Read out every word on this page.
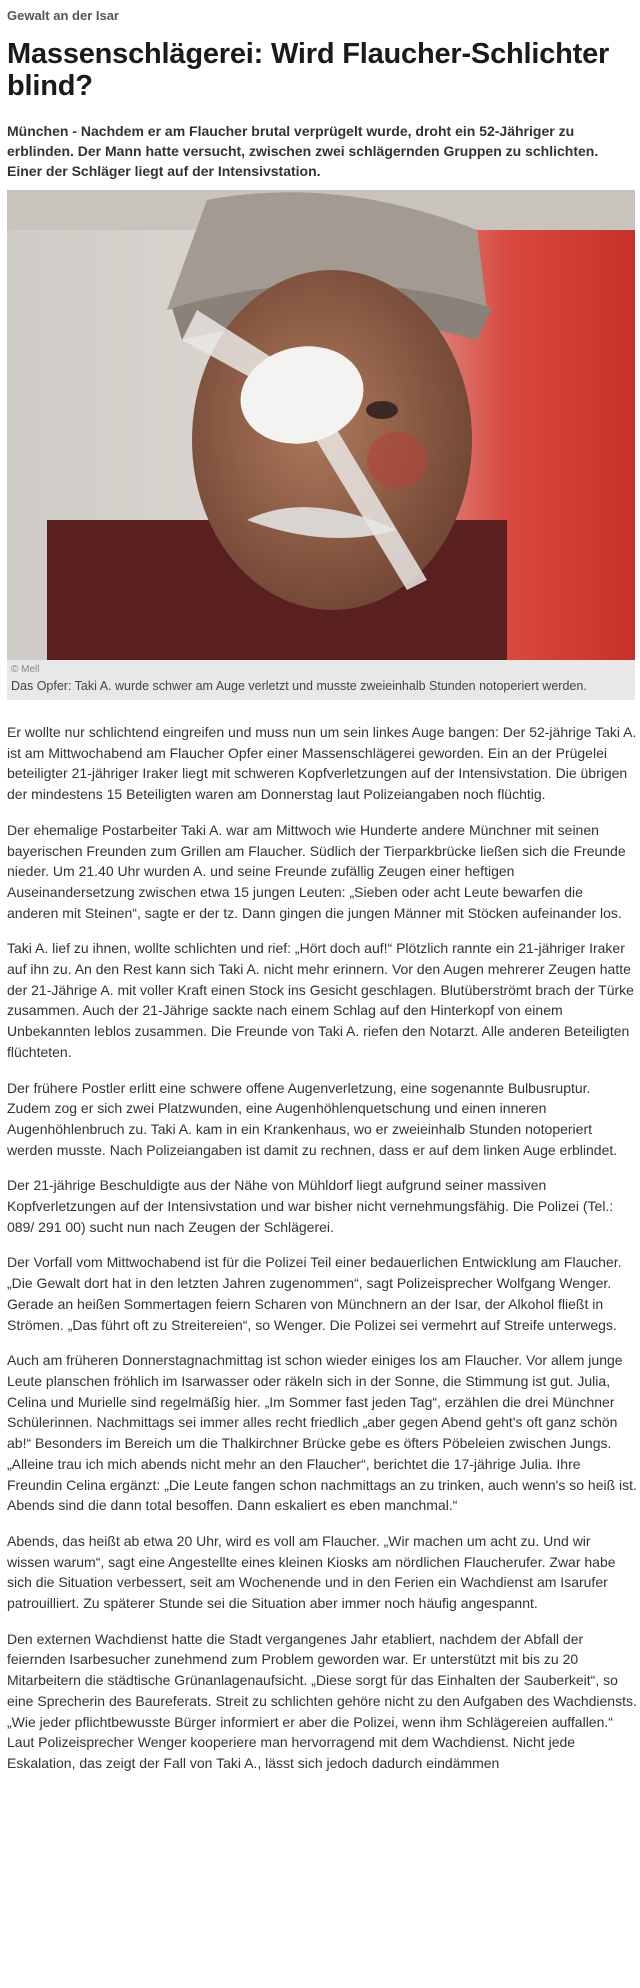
Gewalt an der Isar
Massenschlägerei: Wird Flaucher-Schlichter blind?
München - Nachdem er am Flaucher brutal verprügelt wurde, droht ein 52-Jähriger zu erblinden. Der Mann hatte versucht, zwischen zwei schlägernden Gruppen zu schlichten. Einer der Schläger liegt auf der Intensivstation.
© Mell
Das Opfer: Taki A. wurde schwer am Auge verletzt und musste zweieinhalb Stunden notoperiert werden.

Er wollte nur schlichtend eingreifen und muss nun um sein linkes Auge bangen: Der 52-jährige Taki A. ist am Mittwochabend am Flaucher Opfer einer Massenschlägerei geworden. Ein an der Prügelei beteiligter 21-jähriger Iraker liegt mit schweren Kopfverletzungen auf der Intensivstation. Die übrigen der mindestens 15 Beteiligten waren am Donnerstag laut Polizeiangaben noch flüchtig.

Der ehemalige Postarbeiter Taki A. war am Mittwoch wie Hunderte andere Münchner mit seinen bayerischen Freunden zum Grillen am Flaucher. Südlich der Tierparkbrücke ließen sich die Freunde nieder. Um 21.40 Uhr wurden A. und seine Freunde zufällig Zeugen einer heftigen Auseinandersetzung zwischen etwa 15 jungen Leuten: „Sieben oder acht Leute bewarfen die anderen mit Steinen“, sagte er der tz. Dann gingen die jungen Männer mit Stöcken aufeinander los.

Taki A. lief zu ihnen, wollte schlichten und rief: „Hört doch auf!“ Plötzlich rannte ein 21-jähriger Iraker auf ihn zu. An den Rest kann sich Taki A. nicht mehr erinnern. Vor den Augen mehrerer Zeugen hatte der 21-Jährige A. mit voller Kraft einen Stock ins Gesicht geschlagen. Blutüberströmt brach der Türke zusammen. Auch der 21-Jährige sackte nach einem Schlag auf den Hinterkopf von einem Unbekannten leblos zusammen. Die Freunde von Taki A. riefen den Notarzt. Alle anderen Beteiligten flüchteten.

Der frühere Postler erlitt eine schwere offene Augenverletzung, eine sogenannte Bulbusruptur. Zudem zog er sich zwei Platzwunden, eine Augenhöhlenquetschung und einen inneren Augenhöhlenbruch zu. Taki A. kam in ein Krankenhaus, wo er zweieinhalb Stunden notoperiert werden musste. Nach Polizeiangaben ist damit zu rechnen, dass er auf dem linken Auge erblindet.

Der 21-jährige Beschuldigte aus der Nähe von Mühldorf liegt aufgrund seiner massiven Kopfverletzungen auf der Intensivstation und war bisher nicht vernehmungsfähig. Die Polizei (Tel.: 089/ 291 00) sucht nun nach Zeugen der Schlägerei.

Der Vorfall vom Mittwochabend ist für die Polizei Teil einer bedauerlichen Entwicklung am Flaucher. „Die Gewalt dort hat in den letzten Jahren zugenommen“, sagt Polizeisprecher Wolfgang Wenger. Gerade an heißen Sommertagen feiern Scharen von Münchnern an der Isar, der Alkohol fließt in Strömen. „Das führt oft zu Streitereien“, so Wenger. Die Polizei sei vermehrt auf Streife unterwegs.

Auch am früheren Donnerstagnachmittag ist schon wieder einiges los am Flaucher. Vor allem junge Leute planschen fröhlich im Isarwasser oder räkeln sich in der Sonne, die Stimmung ist gut. Julia, Celina und Murielle sind regelmäßig hier. „Im Sommer fast jeden Tag“, erzählen die drei Münchner Schülerinnen. Nachmittags sei immer alles recht friedlich „aber gegen Abend geht's oft ganz schön ab!“ Besonders im Bereich um die Thalkirchner Brücke gebe es öfters Pöbeleien zwischen Jungs. „Alleine trau ich mich abends nicht mehr an den Flaucher“, berichtet die 17-jährige Julia. Ihre Freundin Celina ergänzt: „Die Leute fangen schon nachmittags an zu trinken, auch wenn's so heiß ist. Abends sind die dann total besoffen. Dann eskaliert es eben manchmal.“

Abends, das heißt ab etwa 20 Uhr, wird es voll am Flaucher. „Wir machen um acht zu. Und wir wissen warum“, sagt eine Angestellte eines kleinen Kiosks am nördlichen Flaucherufer. Zwar habe sich die Situation verbessert, seit am Wochenende und in den Ferien ein Wachdienst am Isarufer patrouilliert. Zu späterer Stunde sei die Situation aber immer noch häufig angespannt.

Den externen Wachdienst hatte die Stadt vergangenes Jahr etabliert, nachdem der Abfall der feiernden Isarbesucher zunehmend zum Problem geworden war. Er unterstützt mit bis zu 20 Mitarbeitern die städtische Grünanlagenaufsicht. „Diese sorgt für das Einhalten der Sauberkeit“, so eine Sprecherin des Baureferats. Streit zu schlichten gehöre nicht zu den Aufgaben des Wachdiensts. „Wie jeder pflichtbewusste Bürger informiert er aber die Polizei, wenn ihm Schlägereien auffallen.“ Laut Polizeisprecher Wenger kooperiere man hervorragend mit dem Wachdienst. Nicht jede Eskalation, das zeigt der Fall von Taki A., lässt sich jedoch dadurch eindämmen
